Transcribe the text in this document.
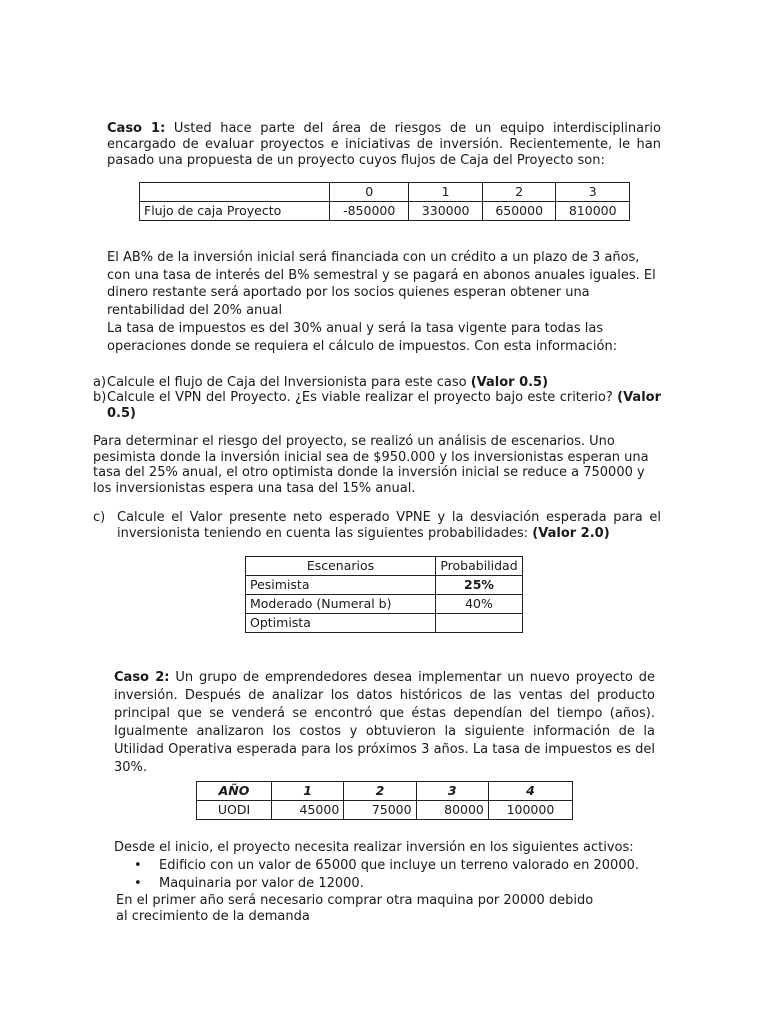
Caso 1: Usted hace parte del área de riesgos de un equipo interdisciplinario encargado de evaluar proyectos e iniciativas de inversión. Recientemente, le han pasado una propuesta de un proyecto cuyos flujos de Caja del Proyecto son:
	0	1	2	3
Flujo de caja Proyecto	-850000	330000	650000	810000
El AB% de la inversión inicial será financiada con un crédito a un plazo de 3 años, con una tasa de interés del B% semestral y se pagará en abonos anuales iguales. El dinero restante será aportado por los socios quienes esperan obtener una rentabilidad del 20% anual
La tasa de impuestos es del 30% anual y será la tasa vigente para todas las operaciones donde se requiera el cálculo de impuestos. Con esta información:
a) Calcule el flujo de Caja del Inversionista para este caso (Valor 0.5)
b) Calcule el VPN del Proyecto. ¿Es viable realizar el proyecto bajo este criterio? (Valor 0.5)
Para determinar el riesgo del proyecto, se realizó un análisis de escenarios. Uno pesimista donde la inversión inicial sea de $950.000 y los inversionistas esperan una tasa del 25% anual, el otro optimista donde la inversión inicial se reduce a 750000 y los inversionistas espera una tasa del 15% anual.
c) Calcule el Valor presente neto esperado VPNE y la desviación esperada para el inversionista teniendo en cuenta las siguientes probabilidades: (Valor 2.0)
Escenarios	Probabilidad
Pesimista	25%
Moderado (Numeral b)	40%
Optimista	
Caso 2: Un grupo de emprendedores desea implementar un nuevo proyecto de inversión. Después de analizar los datos históricos de las ventas del producto principal que se venderá se encontró que éstas dependían del tiempo (años). Igualmente analizaron los costos y obtuvieron la siguiente información de la Utilidad Operativa esperada para los próximos 3 años. La tasa de impuestos es del 30%.
AÑO	1	2	3	4
UODI	45000	75000	80000	100000
Desde el inicio, el proyecto necesita realizar inversión en los siguientes activos:
• Edificio con un valor de 65000 que incluye un terreno valorado en 20000.
• Maquinaria por valor de 12000.
En el primer año será necesario comprar otra maquina por 20000 debido al crecimiento de la demanda
